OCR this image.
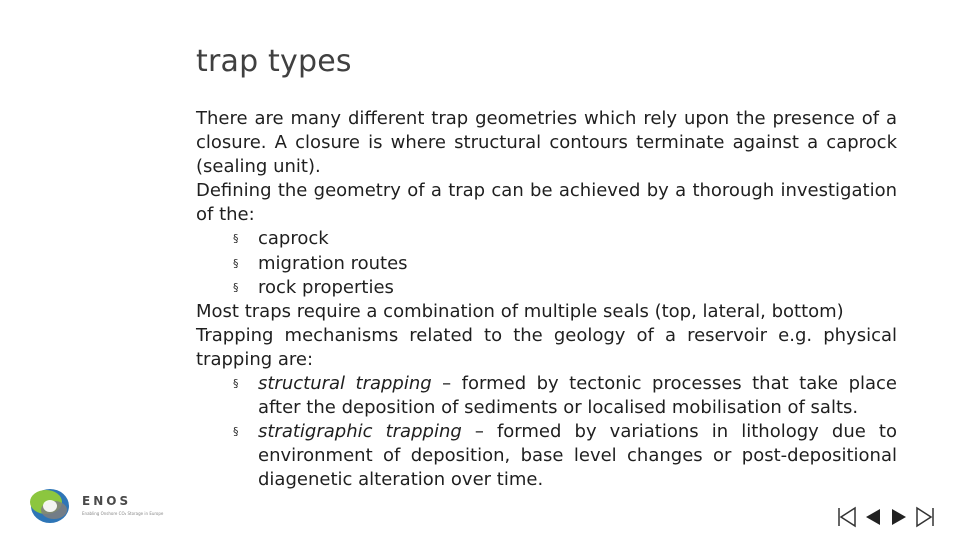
trap types

There are many different trap geometries which rely upon the presence of a closure. A closure is where structural contours terminate against a caprock (sealing unit).

Defining the geometry of a trap can be achieved by a thorough investigation of the:

§ caprock

§ migration routes

§ rock properties

Most traps require a combination of multiple seals (top, lateral, bottom)

Trapping mechanisms related to the geology of a reservoir e.g. physical trapping are:

§ structural trapping – formed by tectonic processes that take place after the deposition of sediments or localised mobilisation of salts.

§ stratigraphic trapping – formed by variations in lithology due to environment of deposition, base level changes or post-depositional diagenetic alteration over time.

ENOS
Enabling Onshore CO₂ Storage in Europe
